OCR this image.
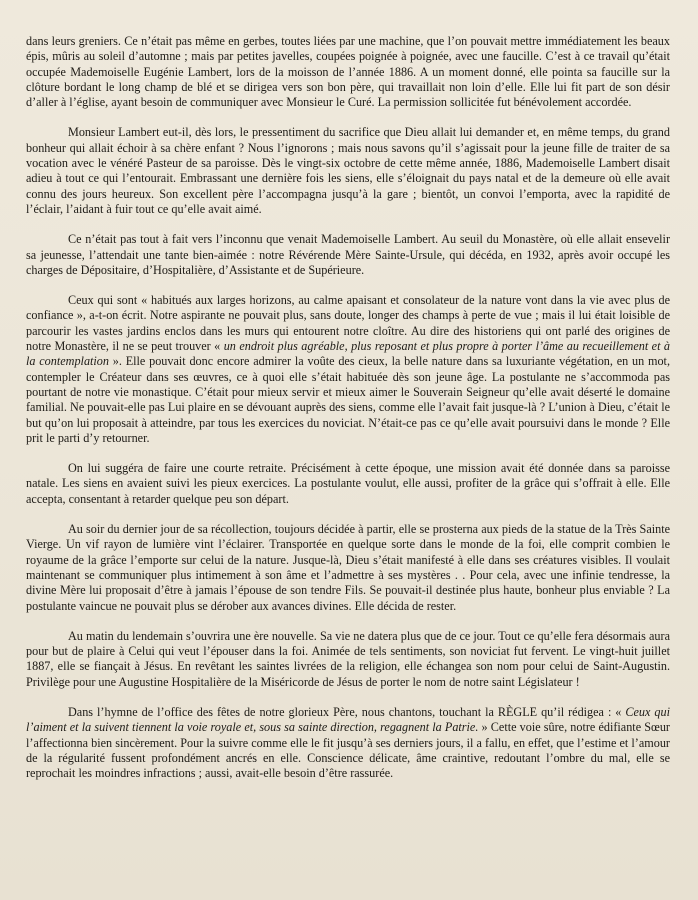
dans leurs greniers. Ce n’était pas même en gerbes, toutes liées par une machine, que l’on pouvait mettre immédiatement les beaux épis, mûris au soleil d’automne ; mais par petites javelles, coupées poignée à poignée, avec une faucille. C’est à ce travail qu’était occupée Mademoiselle Eugénie Lambert, lors de la moisson de l’année 1886. A un moment donné, elle pointa sa faucille sur la clôture bordant le long champ de blé et se dirigea vers son bon père, qui travaillait non loin d’elle. Elle lui fit part de son désir d’aller à l’église, ayant besoin de communiquer avec Monsieur le Curé. La permission sollicitée fut bénévolement accordée.

Monsieur Lambert eut-il, dès lors, le pressentiment du sacrifice que Dieu allait lui demander et, en même temps, du grand bonheur qui allait échoir à sa chère enfant ? Nous l’ignorons ; mais nous savons qu’il s’agissait pour la jeune fille de traiter de sa vocation avec le vénéré Pasteur de sa paroisse. Dès le vingt-six octobre de cette même année, 1886, Mademoiselle Lambert disait adieu à tout ce qui l’entourait. Embrassant une dernière fois les siens, elle s’éloignait du pays natal et de la demeure où elle avait connu des jours heureux. Son excellent père l’accompagna jusqu’à la gare ; bientôt, un convoi l’emporta, avec la rapidité de l’éclair, l’aidant à fuir tout ce qu’elle avait aimé.

Ce n’était pas tout à fait vers l’inconnu que venait Mademoiselle Lambert. Au seuil du Monastère, où elle allait ensevelir sa jeunesse, l’attendait une tante bien-aimée : notre Révérende Mère Sainte-Ursule, qui décéda, en 1932, après avoir occupé les charges de Dépositaire, d’Hospitalière, d’Assistante et de Supérieure.

Ceux qui sont « habitués aux larges horizons, au calme apaisant et consolateur de la nature vont dans la vie avec plus de confiance », a-t-on écrit. Notre aspirante ne pouvait plus, sans doute, longer des champs à perte de vue ; mais il lui était loisible de parcourir les vastes jardins enclos dans les murs qui entourent notre cloître. Au dire des historiens qui ont parlé des origines de notre Monastère, il ne se peut trouver « un endroit plus agréable, plus reposant et plus propre à porter l’âme au recueillement et à la contemplation ». Elle pouvait donc encore admirer la voûte des cieux, la belle nature dans sa luxuriante végétation, en un mot, contempler le Créateur dans ses œuvres, ce à quoi elle s’était habituée dès son jeune âge. La postulante ne s’accommoda pas pourtant de notre vie monastique. C’était pour mieux servir et mieux aimer le Souverain Seigneur qu’elle avait déserté le domaine familial. Ne pouvait-elle pas Lui plaire en se dévouant auprès des siens, comme elle l’avait fait jusque-là ? L’union à Dieu, c’était le but qu’on lui proposait à atteindre, par tous les exercices du noviciat. N’était-ce pas ce qu’elle avait poursuivi dans le monde ? Elle prit le parti d’y retourner.

On lui suggéra de faire une courte retraite. Précisément à cette époque, une mission avait été donnée dans sa paroisse natale. Les siens en avaient suivi les pieux exercices. La postulante voulut, elle aussi, profiter de la grâce qui s’offrait à elle. Elle accepta, consentant à retarder quelque peu son départ.

Au soir du dernier jour de sa récollection, toujours décidée à partir, elle se prosterna aux pieds de la statue de la Très Sainte Vierge. Un vif rayon de lumière vint l’éclairer. Transportée en quelque sorte dans le monde de la foi, elle comprit combien le royaume de la grâce l’emporte sur celui de la nature. Jusque-là, Dieu s’était manifesté à elle dans ses créatures visibles. Il voulait maintenant se communiquer plus intimement à son âme et l’admettre à ses mystères . . Pour cela, avec une infinie tendresse, la divine Mère lui proposait d’être à jamais l’épouse de son tendre Fils. Se pouvait-il destinée plus haute, bonheur plus enviable ? La postulante vaincue ne pouvait plus se dérober aux avances divines. Elle décida de rester.

Au matin du lendemain s’ouvrira une ère nouvelle. Sa vie ne datera plus que de ce jour. Tout ce qu’elle fera désormais aura pour but de plaire à Celui qui veut l’épouser dans la foi. Animée de tels sentiments, son noviciat fut fervent. Le vingt-huit juillet 1887, elle se fiançait à Jésus. En revêtant les saintes livrées de la religion, elle échangea son nom pour celui de Saint-Augustin. Privilège pour une Augustine Hospitalière de la Miséricorde de Jésus de porter le nom de notre saint Législateur !

Dans l’hymne de l’office des fêtes de notre glorieux Père, nous chantons, touchant la RÈGLE qu’il rédigea : « Ceux qui l’aiment et la suivent tiennent la voie royale et, sous sa sainte direction, regagnent la Patrie. » Cette voie sûre, notre édifiante Sœur l’affectionna bien sincèrement. Pour la suivre comme elle le fit jusqu’à ses derniers jours, il a fallu, en effet, que l’estime et l’amour de la régularité fussent profondément ancrés en elle. Conscience délicate, âme craintive, redoutant l’ombre du mal, elle se reprochait les moindres infractions ; aussi, avait-elle besoin d’être rassurée.
